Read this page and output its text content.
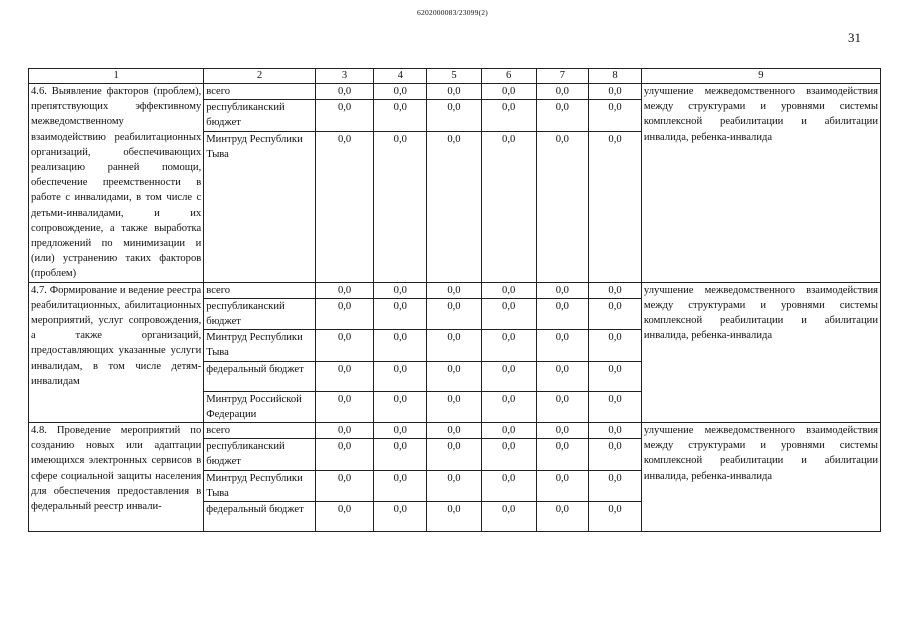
6202000083/23099(2)
31
1	2	3	4	5	6	7	8	9
4.6. Выявление факторов (проблем), препятствующих эффективному межведомственному взаимодействию реабилитационных организаций, обеспечивающих реализацию ранней помощи, обеспечение преемственности в работе с инвалидами, в том числе с детьми-инвалидами, и их сопровождение, а также выработка предложений по минимизации и (или) устранению таких факторов (проблем)	всего	0,0	0,0	0,0	0,0	0,0	0,0	улучшение межведомственного взаимодействия между структурами и уровнями системы комплексной реабилитации и абилитации инвалида, ребенка-инвалида
	республиканский бюджет	0,0	0,0	0,0	0,0	0,0	0,0	
	Минтруд Республики Тыва	0,0	0,0	0,0	0,0	0,0	0,0	
4.7. Формирование и ведение реестра реабилитационных, абилитационных мероприятий, услуг сопровождения, а также организаций, предоставляющих указанные услуги инвалидам, в том числе детям-инвалидам	всего	0,0	0,0	0,0	0,0	0,0	0,0	улучшение межведомственного взаимодействия между структурами и уровнями системы комплексной реабилитации и абилитации инвалида, ребенка-инвалида
	республиканский бюджет	0,0	0,0	0,0	0,0	0,0	0,0	
	Минтруд Республики Тыва	0,0	0,0	0,0	0,0	0,0	0,0	
	федеральный бюджет	0,0	0,0	0,0	0,0	0,0	0,0	
	Минтруд Российской Федерации	0,0	0,0	0,0	0,0	0,0	0,0	
4.8. Проведение мероприятий по созданию новых или адаптации имеющихся электронных сервисов в сфере социальной защиты населения для обеспечения предоставления в федеральный реестр инвали-	всего	0,0	0,0	0,0	0,0	0,0	0,0	улучшение межведомственного взаимодействия между структурами и уровнями системы комплексной реабилитации и абилитации инвалида, ребенка-инвалида
	республиканский бюджет	0,0	0,0	0,0	0,0	0,0	0,0	
	Минтруд Республики Тыва	0,0	0,0	0,0	0,0	0,0	0,0	
	федеральный бюджет	0,0	0,0	0,0	0,0	0,0	0,0	
